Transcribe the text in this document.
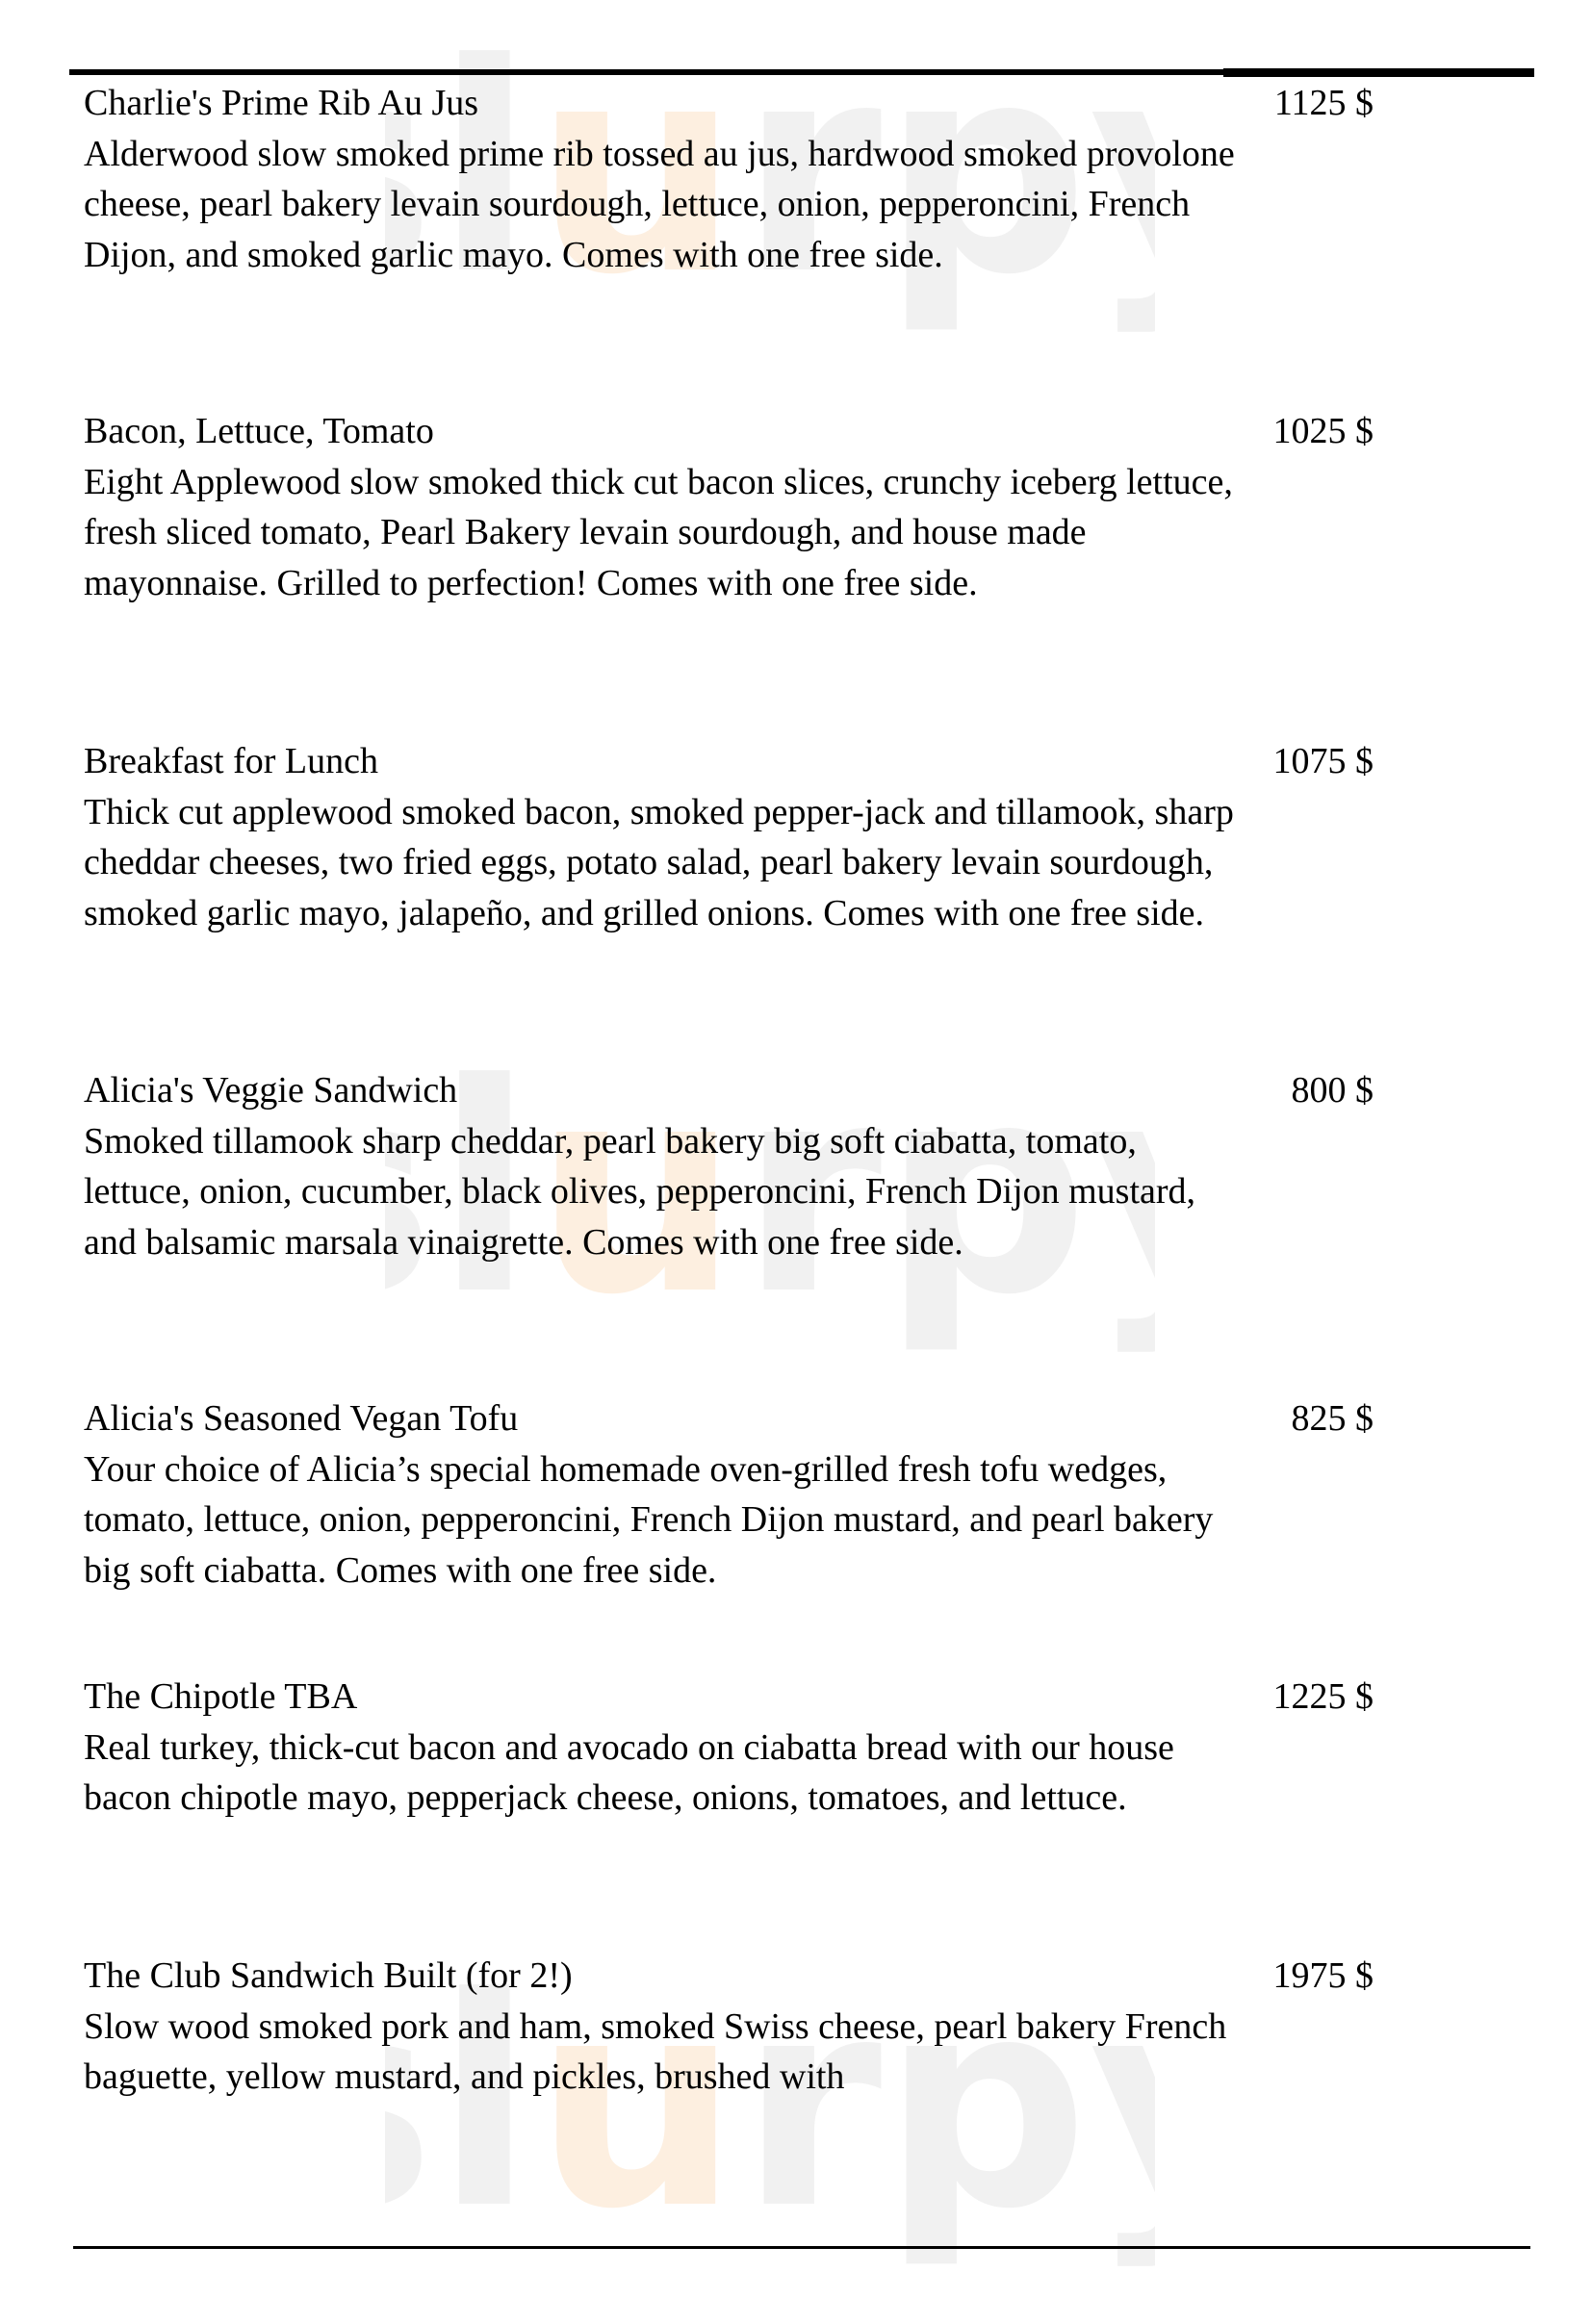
lurp
lurp
lurp
Charlie's Prime Rib Au Jus
Alderwood slow smoked prime rib tossed au jus, hardwood smoked provolone cheese, pearl bakery levain sourdough, lettuce, onion, pepperoncini, French Dijon, and smoked garlic mayo. Comes with one free side.
1125 $
Bacon, Lettuce, Tomato
Eight Applewood slow smoked thick cut bacon slices, crunchy iceberg lettuce, fresh sliced tomato, Pearl Bakery levain sourdough, and house made mayonnaise. Grilled to perfection! Comes with one free side.
1025 $
Breakfast for Lunch
Thick cut applewood smoked bacon, smoked pepper-jack and tillamook, sharp cheddar cheeses, two fried eggs, potato salad, pearl bakery levain sourdough, smoked garlic mayo, jalapeño, and grilled onions. Comes with one free side.
1075 $
Alicia's Veggie Sandwich
Smoked tillamook sharp cheddar, pearl bakery big soft ciabatta, tomato, lettuce, onion, cucumber, black olives, pepperoncini, French Dijon mustard, and balsamic marsala vinaigrette. Comes with one free side.
800 $
Alicia's Seasoned Vegan Tofu
Your choice of Alicia’s special homemade oven-grilled fresh tofu wedges, tomato, lettuce, onion, pepperoncini, French Dijon mustard, and pearl bakery big soft ciabatta. Comes with one free side.
825 $
The Chipotle TBA
Real turkey, thick-cut bacon and avocado on ciabatta bread with our house bacon chipotle mayo, pepperjack cheese, onions, tomatoes, and lettuce.
1225 $
The Club Sandwich Built (for 2!)
Slow wood smoked pork and ham, smoked Swiss cheese, pearl bakery French baguette, yellow mustard, and pickles, brushed with
1975 $
